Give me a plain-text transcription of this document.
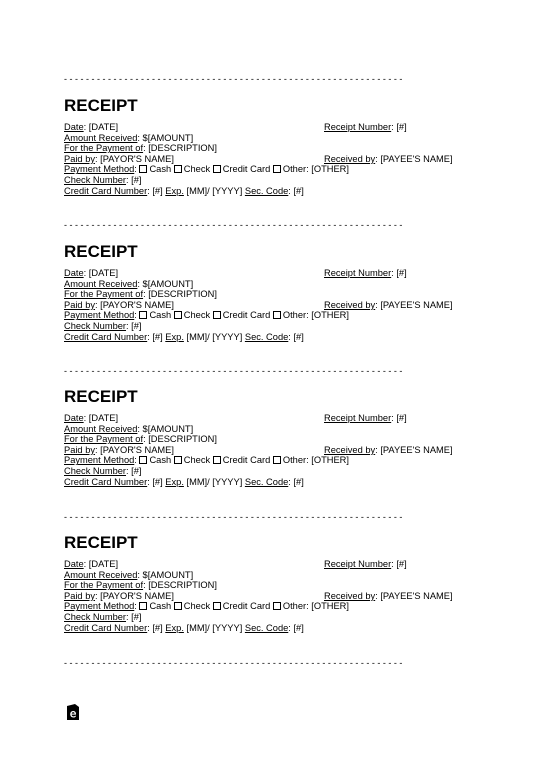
- - - - - - - - - - - - - - - - - - - - - - - - - - - - - - - - - - - - - - - - - - - - - - - - - - - - - - - - - - - - - -
RECEIPT
Date: [DATE]	Receipt Number: [#]
Amount Received: $[AMOUNT]
For the Payment of: [DESCRIPTION]
Paid by: [PAYOR'S NAME]	Received by: [PAYEE'S NAME]
Payment Method: Cash Check Credit Card Other: [OTHER]
Check Number: [#]
Credit Card Number: [#] Exp. [MM]/ [YYYY] Sec. Code: [#]
- - - - - - - - - - - - - - - - - - - - - - - - - - - - - - - - - - - - - - - - - - - - - - - - - - - - - - - - - - - - - -
RECEIPT
Date: [DATE]	Receipt Number: [#]
Amount Received: $[AMOUNT]
For the Payment of: [DESCRIPTION]
Paid by: [PAYOR'S NAME]	Received by: [PAYEE'S NAME]
Payment Method: Cash Check Credit Card Other: [OTHER]
Check Number: [#]
Credit Card Number: [#] Exp. [MM]/ [YYYY] Sec. Code: [#]
- - - - - - - - - - - - - - - - - - - - - - - - - - - - - - - - - - - - - - - - - - - - - - - - - - - - - - - - - - - - - -
RECEIPT
Date: [DATE]	Receipt Number: [#]
Amount Received: $[AMOUNT]
For the Payment of: [DESCRIPTION]
Paid by: [PAYOR'S NAME]	Received by: [PAYEE'S NAME]
Payment Method: Cash Check Credit Card Other: [OTHER]
Check Number: [#]
Credit Card Number: [#] Exp. [MM]/ [YYYY] Sec. Code: [#]
- - - - - - - - - - - - - - - - - - - - - - - - - - - - - - - - - - - - - - - - - - - - - - - - - - - - - - - - - - - - - -
RECEIPT
Date: [DATE]	Receipt Number: [#]
Amount Received: $[AMOUNT]
For the Payment of: [DESCRIPTION]
Paid by: [PAYOR'S NAME]	Received by: [PAYEE'S NAME]
Payment Method: Cash Check Credit Card Other: [OTHER]
Check Number: [#]
Credit Card Number: [#] Exp. [MM]/ [YYYY] Sec. Code: [#]
- - - - - - - - - - - - - - - - - - - - - - - - - - - - - - - - - - - - - - - - - - - - - - - - - - - - - - - - - - - - - -
